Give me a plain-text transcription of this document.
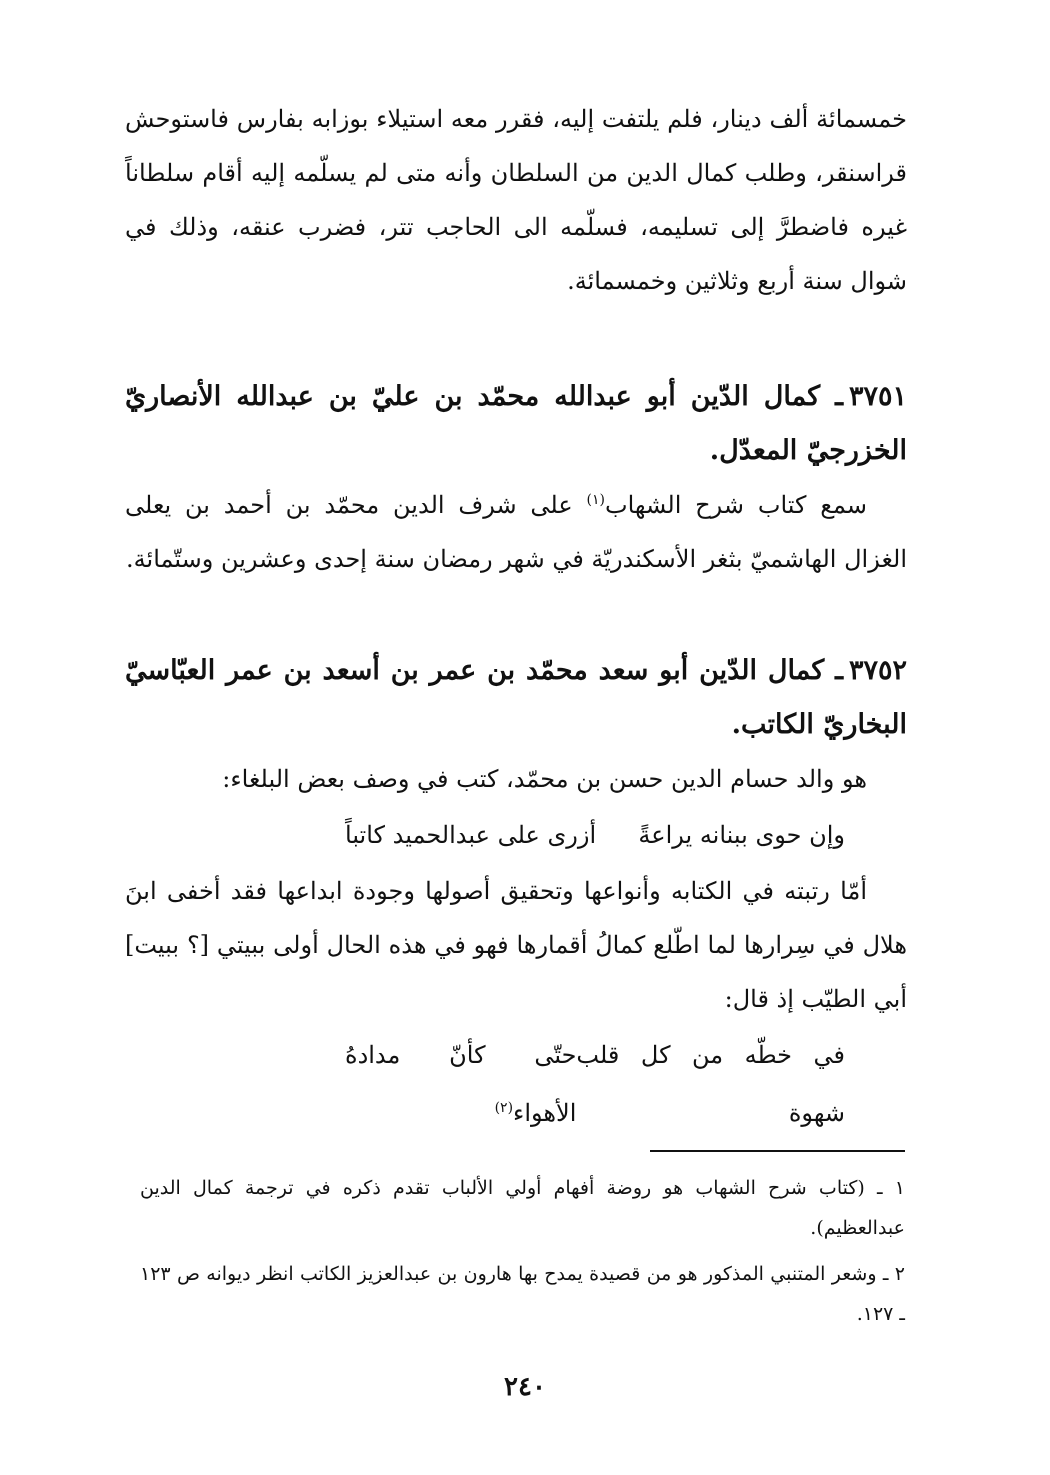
خمسمائة ألف دينار، فلم يلتفت إليه، فقرر معه استيلاء بوزابه بفارس فاستوحش قراسنقر، وطلب كمال الدين من السلطان وأنه متى لم يسلّمه إليه أقام سلطاناً غيره فاضطرَّ إلى تسليمه، فسلّمه الى الحاجب تتر، فضرب عنقه، وذلك في شوال سنة أربع وثلاثين وخمسمائة.

٣٧٥١ـ كمال الدّين أبو عبدالله محمّد بن عليّ بن عبدالله الأنصاريّ الخزرجيّ المعدّل.

سمع كتاب شرح الشهاب$^{(١)}$ على شرف الدين محمّد بن أحمد بن يعلى الغزال الهاشميّ بثغر الأسكندريّة في شهر رمضان سنة إحدى وعشرين وستّمائة.

٣٧٥٢ـ كمال الدّين أبو سعد محمّد بن عمر بن أسعد بن عمر العبّاسيّ البخاريّ الكاتب.

هو والد حسام الدين حسن بن محمّد، كتب في وصف بعض البلغاء:

وإن حوى ببنانه يراعةً
أزرى على عبدالحميد كاتباً

أمّا رتبته في الكتابه وأنواعها وتحقيق أصولها وجودة ابداعها فقد أخفى ابنَ هلال في سِرارها لما اطّلع كمالُ أقمارها فهو في هذه الحال أولى ببيتي [؟ ببيت] أبي الطيّب إذ قال:

في خطّه من كل قلب شهوة
حتّى كأنّ مدادهُ الأهواء$^{(٢)}$

١ ـ (كتاب شرح الشهاب هو روضة أفهام أولي الألباب تقدم ذكره في ترجمة كمال الدين عبدالعظيم).

٢ ـ وشعر المتنبي المذكور هو من قصيدة يمدح بها هارون بن عبدالعزيز الكاتب انظر ديوانه ص ١٢٣ ـ ١٢٧.

٢٤٠
